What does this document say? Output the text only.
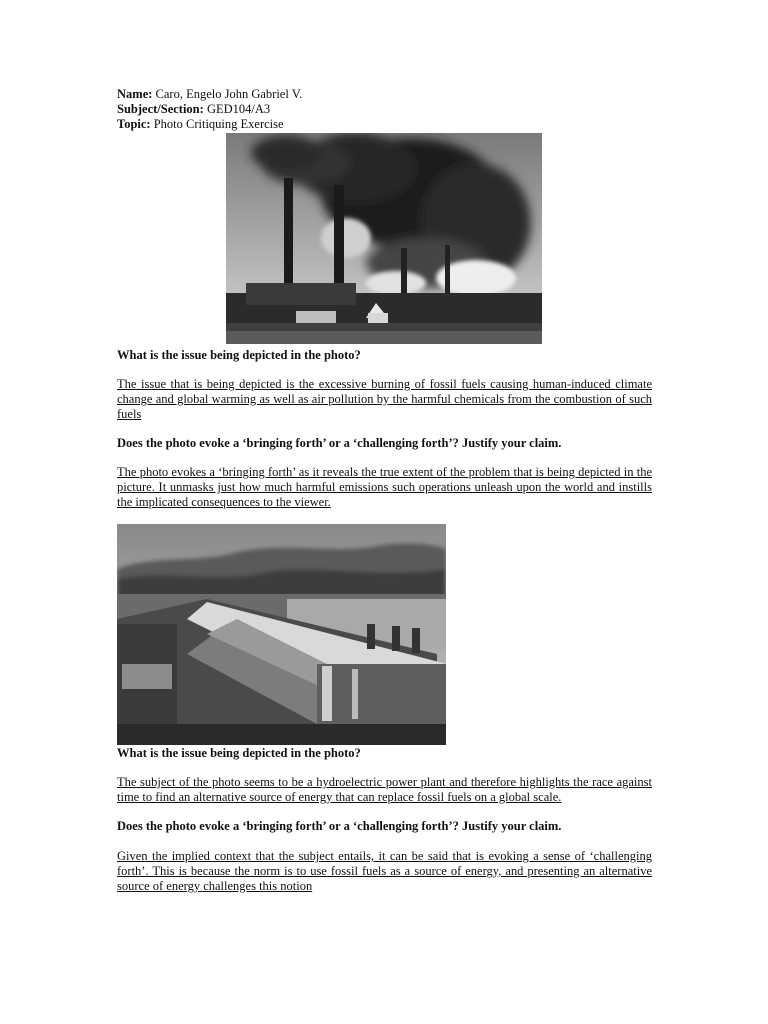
Name: Caro, Engelo John Gabriel V.
Subject/Section: GED104/A3
Topic: Photo Critiquing Exercise
What is the issue being depicted in the photo?
The issue that is being depicted is the excessive burning of fossil fuels causing human-induced climate change and global warming as well as air pollution by the harmful chemicals from the combustion of such fuels
Does the photo evoke a ‘bringing forth’ or a ‘challenging forth’? Justify your claim.
The photo evokes a ‘bringing forth’ as it reveals the true extent of the problem that is being depicted in the picture. It unmasks just how much harmful emissions such operations unleash upon the world and instills the implicated consequences to the viewer.
What is the issue being depicted in the photo?
The subject of the photo seems to be a hydroelectric power plant and therefore highlights the race against time to find an alternative source of energy that can replace fossil fuels on a global scale.
Does the photo evoke a ‘bringing forth’ or a ‘challenging forth’? Justify your claim.
Given the implied context that the subject entails, it can be said that is evoking a sense of ‘challenging forth’. This is because the norm is to use fossil fuels as a source of energy, and presenting an alternative source of energy challenges this notion
